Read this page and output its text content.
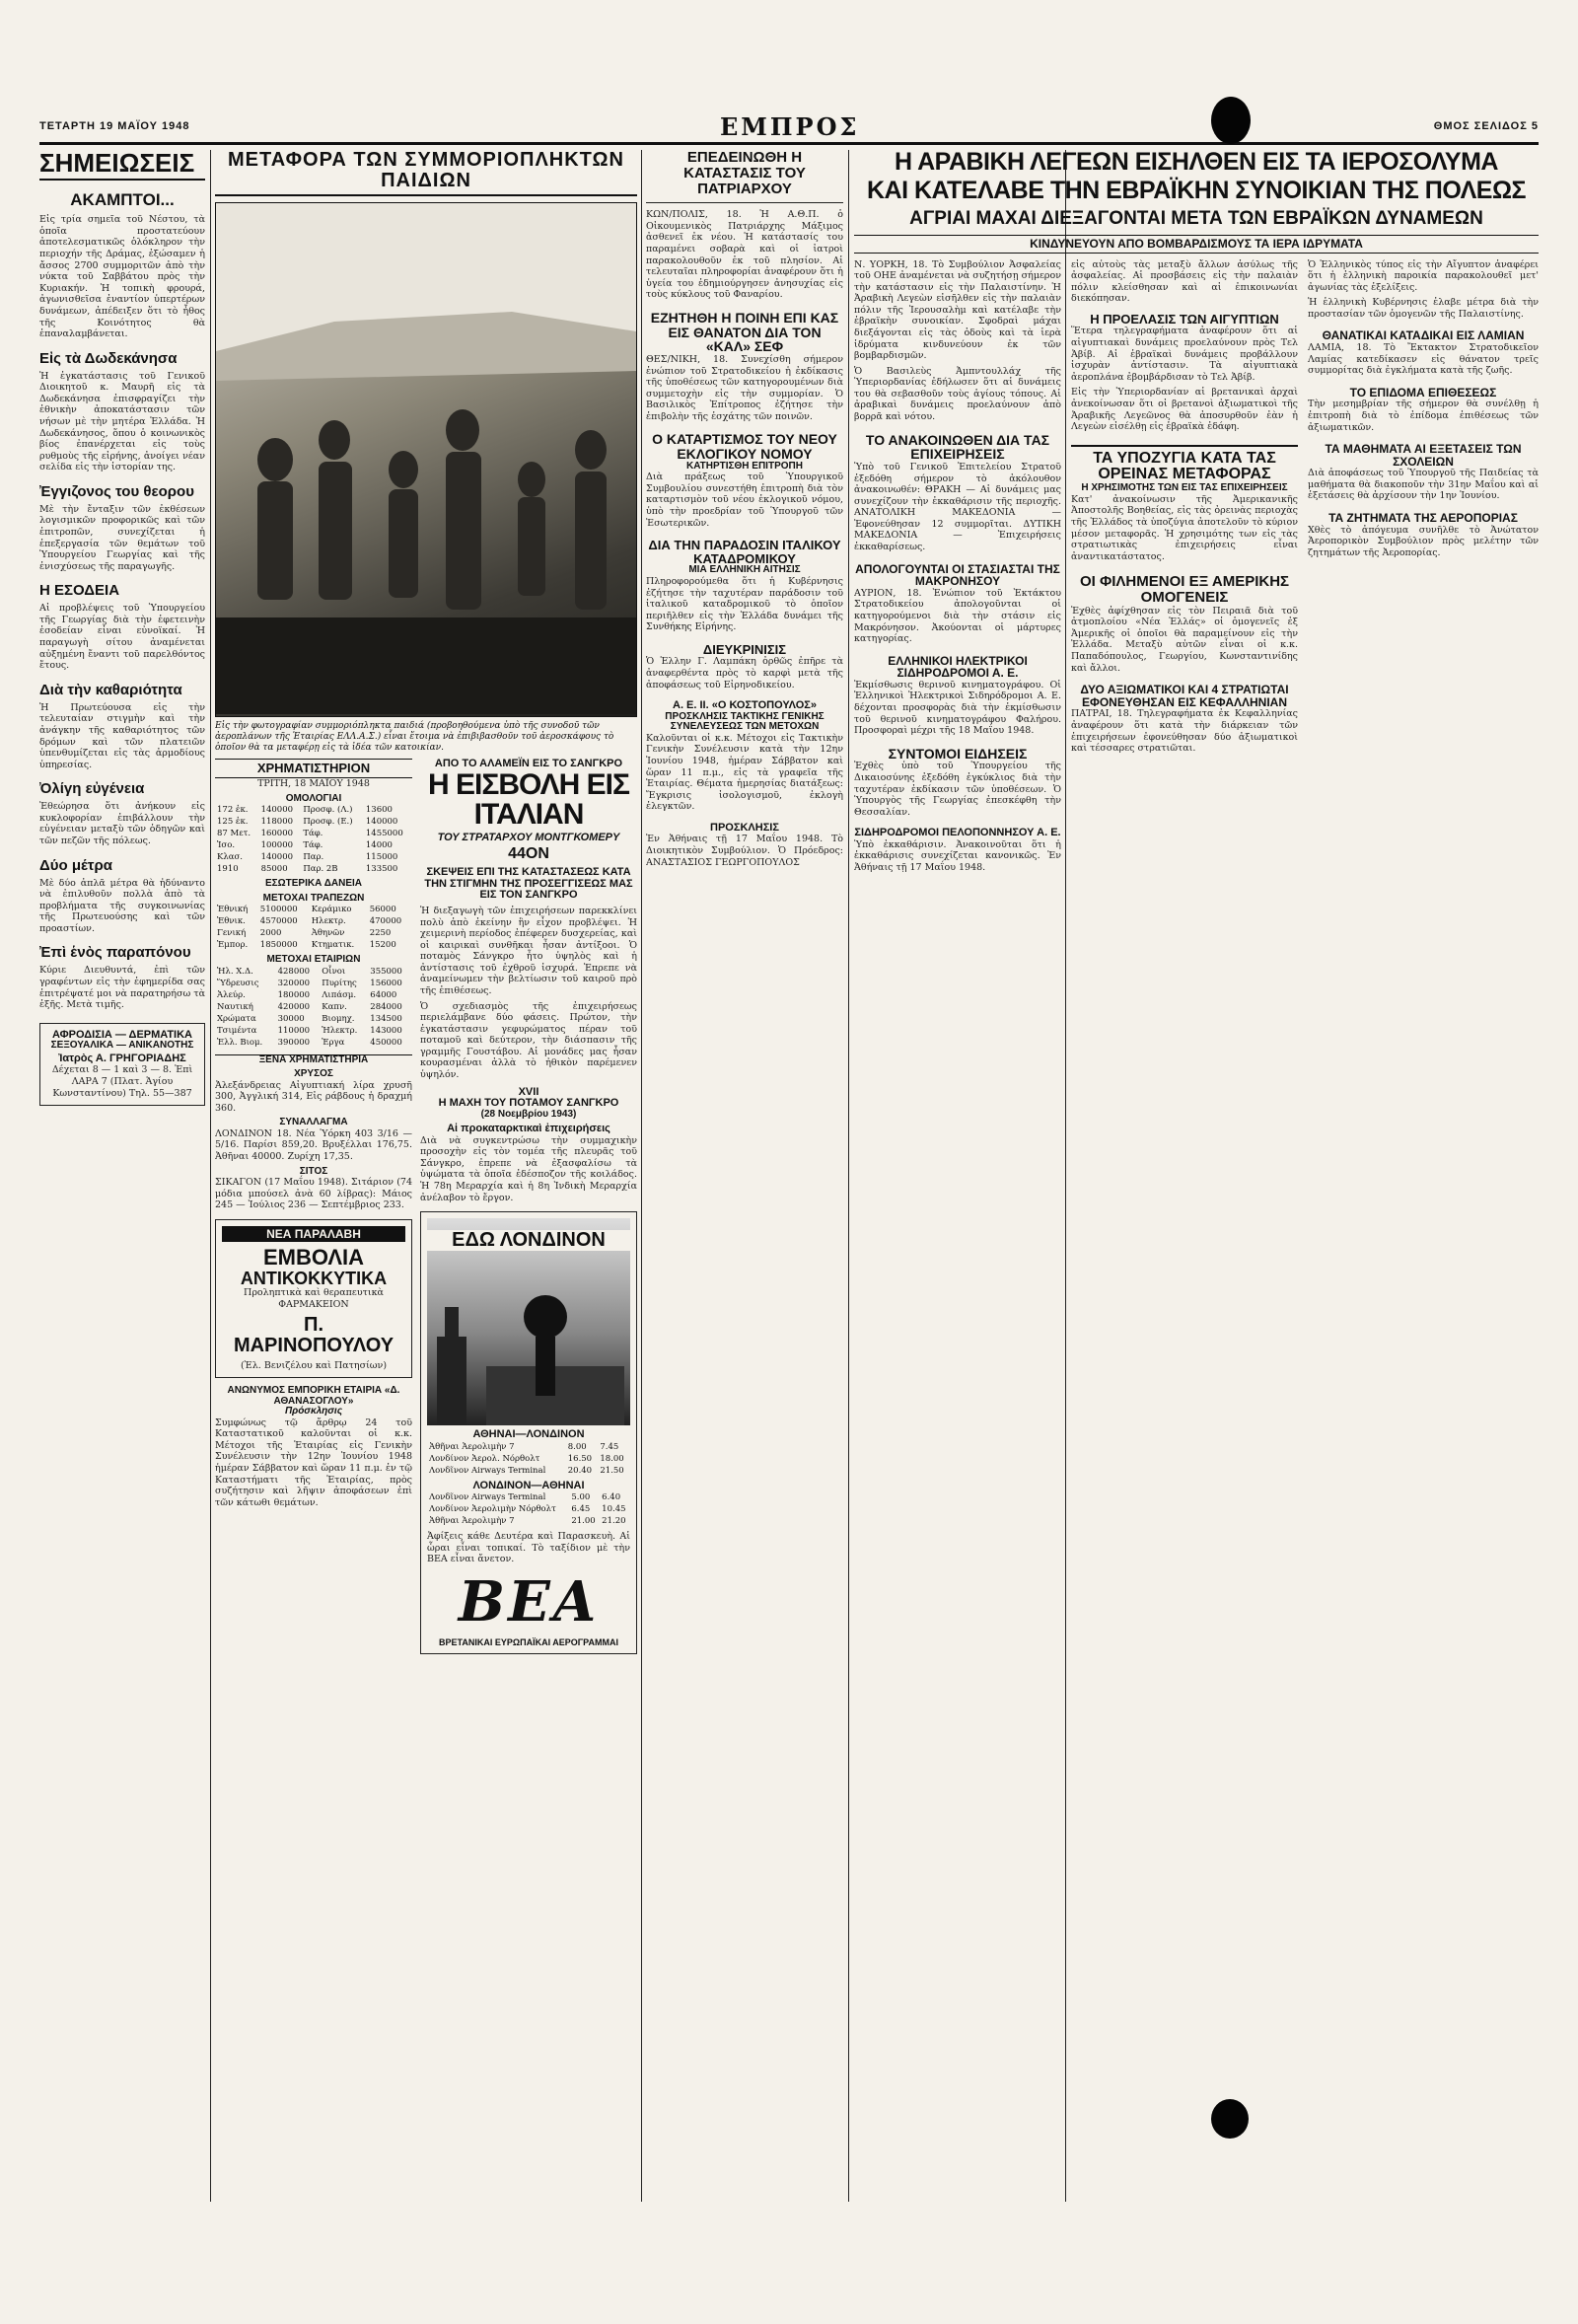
ΤΕΤΑΡΤΗ 19 ΜΑΪΟΥ 1948	ΕΜΠΡΟΣ	ΘΜΟΣ ΣΕΛΙΔΟΣ 5
ΣΗΜΕΙΩΣΕΙΣ
ΑΚΑΜΠΤΟΙ...
Εἰς τρία σημεῖα τοῦ Νέστου, τὰ ὁποῖα προστατεύουν ἀποτελεσματικῶς ὁλόκληρον τὴν περιοχήν τῆς Δράμας, ἐξώσαμεν ἡ ἄσσος 2700 συμμοριτῶν ἀπὸ τὴν νύκτα τοῦ Σαββάτου πρὸς τὴν Κυριακήν. Ἡ τοπικὴ φρουρά, ἀγωνισθεῖσα ἐναντίον ὑπερτέρων δυνάμεων, ἀπέδειξεν ὅτι τὸ ἦθος τῆς Κοινότητος θὰ ἐπαναλαμβάνεται.
Εἰς τὰ Δωδεκάνησα
Ἡ ἐγκατάστασις τοῦ Γενικοῦ Διοικητοῦ κ. Μαυρῆ εἰς τὰ Δωδεκάνησα ἐπισφραγίζει τὴν ἐθνικὴν ἀποκατάστασιν τῶν νήσων μὲ τὴν μητέρα Ἑλλάδα. Ἡ Δωδεκάνησος, ὅπου ὁ κοινωνικὸς βίος ἐπανέρχεται εἰς τοὺς ρυθμοὺς τῆς εἰρήνης, ἀνοίγει νέαν σελίδα εἰς τὴν ἱστορίαν της.
Ἐγγιζονος του θεορου
Μὲ τὴν ἔνταξιν τῶν ἐκθέσεων λογισμικῶν προφορικῶς καὶ τῶν ἐπιτροπῶν, συνεχίζεται ἡ ἐπεξεργασία τῶν θεμάτων τοῦ Ὑπουργείου Γεωργίας καὶ τῆς ἐνισχύσεως τῆς παραγωγῆς.
Η ΕΣΟΔΕΙΑ
Αἱ προβλέψεις τοῦ Ὑπουργείου τῆς Γεωργίας διὰ τὴν ἐφετεινὴν ἐσοδείαν εἶναι εὐνοϊκαί. Ἡ παραγωγὴ σίτου ἀναμένεται αὐξημένη ἔναντι τοῦ παρελθόντος ἔτους.
Διὰ τὴν καθαριότητα
Ἡ Πρωτεύουσα εἰς τὴν τελευταίαν στιγμὴν καὶ τὴν ἀνάγκην τῆς καθαριότητος τῶν δρόμων καὶ τῶν πλατειῶν ὑπενθυμίζεται εἰς τὰς ἀρμοδίους ὑπηρεσίας.
Ὀλίγη εὐγένεια
Ἐθεώρησα ὅτι ἀνήκουν εἰς κυκλοφορίαν ἐπιβάλλουν τὴν εὐγένειαν μεταξὺ τῶν ὁδηγῶν καὶ τῶν πεζῶν τῆς πόλεως.
Δύο μέτρα
Μὲ δύο ἀπλᾶ μέτρα θὰ ἠδύναντο νὰ ἐπιλυθοῦν πολλὰ ἀπὸ τὰ προβλήματα τῆς συγκοινωνίας τῆς Πρωτευούσης καὶ τῶν προαστίων.
Ἐπὶ ἑνὸς παραπόνου
Κύριε Διευθυντά, ἐπὶ τῶν γραφέντων εἰς τὴν ἐφημερίδα σας ἐπιτρέψατέ μοι νὰ παρατηρήσω τὰ ἑξῆς. Μετὰ τιμῆς.
ΑΦΡΟΔΙΣΙΑ — ΔΕΡΜΑΤΙΚΑ
ΣΕΞΟΥΑΛΙΚΑ — ΑΝΙΚΑΝΟΤΗΣ
Ἰατρὸς Α. ΓΡΗΓΟΡΙΑΔΗΣ
Δέχεται 8 — 1 καὶ 3 — 8. Ἐπὶ ΛΑΡΑ 7 (Πλατ. Ἁγίου Κωνσταντίνου) Τηλ. 55—387
ΜΕΤΑΦΟΡΑ ΤΩΝ ΣΥΜΜΟΡΙΟΠΛΗΚΤΩΝ ΠΑΙΔΙΩΝ
Εἰς τὴν φωτογραφίαν συμμοριόπληκτα παιδιά (προβοηθούμενα ὑπὸ τῆς συνοδοῦ τῶν ἀεροπλάνων τῆς Ἑταιρίας ΕΛΛ.Α.Σ.) εἶναι ἕτοιμα νὰ ἐπιβιβασθοῦν τοῦ ἀεροσκάφους τὸ ὁποῖον θὰ τα μεταφέρῃ εἰς τὰ ἰδέα τῶν κατοικίαν.
ΧΡΗΜΑΤΙΣΤΗΡΙΟΝ
ΤΡΙΤΗ, 18 ΜΑΪΟΥ 1948
ΟΜΟΛΟΓΙΑΙ
172 ἐκ.	140000	Προσφ. (Λ.)	13600
125 ἐκ.	118000	Προσφ. (Ε.)	140000
87 Μετ.	160000	Τάφ.	1455000
Ἰσο.	100000	Τάφ.	14000
Κλασ.	140000	Παρ.	115000
1910	85000	Παρ. 2Β	133500
ΕΣΩΤΕΡΙΚΑ ΔΑΝΕΙΑ
ΜΕΤΟΧΑΙ ΤΡΑΠΕΖΩΝ
Ἐθνική	5100000	Κεράμικο	56000
Ἐθνικ.	4570000	Ηλεκτρ.	470000
Γενική	2000	Ἀθηνῶν	2250
Ἐμπορ.	1850000	Κτηματικ.	15200
ΜΕΤΟΧΑΙ ΕΤΑΙΡΙΩΝ
Ἡλ. Χ.Δ.	428000	Οἶνοι	355000
Ὕδρευσις	320000	Πυρίτης	156000
Ἀλεύρ.	180000	Λιπάσμ.	64000
Ναυτική	420000	Καπν.	284000
Χρώματα	30000	Βιομηχ.	134500
Τσιμέντα	110000	Ἠλεκτρ.	143000
Ἑλλ. Βιομ.	390000	Ἐργα	450000
ΞΕΝΑ ΧΡΗΜΑΤΙΣΤΗΡΙΑ
ΧΡΥΣΟΣ
Ἀλεξάνδρειας Αἰγυπτιακή λίρα χρυσῆ 300, Ἀγγλική 314, Εἰς ράβδους ἡ δραχμή 360.
ΣΥΝΑΛΛΑΓΜΑ
ΛΟΝΔΙΝΟΝ 18. Νέα Ὑόρκη 403 3/16 — 5/16. Παρίσι 859,20. Βρυξέλλαι 176,75. Ἀθῆναι 40000. Ζυρίχη 17,35.
ΣΙΤΟΣ
ΣΙΚΑΓΟΝ (17 Μαΐου 1948). Σιτάριον (74 μόδια μπούσελ ἀνὰ 60 λίβρας): Μάιος 245 — Ἰούλιος 236 — Σεπτέμβριος 233.
ΝΕΑ ΠΑΡΑΛΑΒΗ
ΕΜΒΟΛΙΑ
ΑΝΤΙΚΟΚΚΥΤΙΚΑ
Προληπτικὰ καὶ θεραπευτικὰ ΦΑΡΜΑΚΕΙΟΝ
Π. ΜΑΡΙΝΟΠΟΥΛΟΥ
(Ἐλ. Βενιζέλου καὶ Πατησίων)
ΑΝΩΝΥΜΟΣ ΕΜΠΟΡΙΚΗ ΕΤΑΙΡΙΑ «Δ. ΑΘΑΝΑΣΟΓΛΟΥ»
Πρόσκλησις
Συμφώνως τῷ ἄρθρῳ 24 τοῦ Καταστατικοῦ καλοῦνται οἱ κ.κ. Μέτοχοι τῆς Ἑταιρίας εἰς Γενικὴν Συνέλευσιν τὴν 12ην Ἰουνίου 1948 ἡμέραν Σάββατον καὶ ὥραν 11 π.μ. ἐν τῷ Καταστήματι τῆς Ἑταιρίας, πρὸς συζήτησιν καὶ λῆψιν ἀποφάσεων ἐπὶ τῶν κάτωθι θεμάτων.
ΑΠΟ ΤΟ ΑΛΑΜΕΪΝ ΕΙΣ ΤΟ ΣΑΝΓΚΡΟ
Η ΕΙΣΒΟΛΗ ΕΙΣ ΙΤΑΛΙΑΝ
ΤΟΥ ΣΤΡΑΤΑΡΧΟΥ ΜΟΝΤΓΚΟΜΕΡΥ
44ΟΝ
ΣΚΕΨΕΙΣ ΕΠΙ ΤΗΣ ΚΑΤΑΣΤΑΣΕΩΣ ΚΑΤΑ ΤΗΝ ΣΤΙΓΜΗΝ ΤΗΣ ΠΡΟΣΕΓΓΙΣΕΩΣ ΜΑΣ ΕΙΣ ΤΟΝ ΣΑΝΓΚΡΟ
Ἡ διεξαγωγὴ τῶν ἐπιχειρήσεων παρεκκλίνει πολὺ ἀπὸ ἐκείνην ἣν εἶχον προβλέψει. Ἡ χειμερινὴ περίοδος ἐπέφερεν δυσχερείας, καὶ οἱ καιρικαὶ συνθῆκαι ἦσαν ἀντίξοοι. Ὁ ποταμὸς Σάνγκρο ἦτο ὑψηλὸς καὶ ἡ ἀντίστασις τοῦ ἐχθροῦ ἰσχυρά. Ἐπρεπε νὰ ἀναμείνωμεν τὴν βελτίωσιν τοῦ καιροῦ πρὸ τῆς ἐπιθέσεως.
Ὁ σχεδιασμὸς τῆς ἐπιχειρήσεως περιελάμβανε δύο φάσεις. Πρώτον, τὴν ἐγκατάστασιν γεφυρώματος πέραν τοῦ ποταμοῦ καὶ δεύτερον, τὴν διάσπασιν τῆς γραμμῆς Γουστάβου. Αἱ μονάδες μας ἦσαν κουρασμέναι ἀλλὰ τὸ ἠθικὸν παρέμενεν ὑψηλόν.
XVII
Η ΜΑΧΗ ΤΟΥ ΠΟΤΑΜΟΥ ΣΑΝΓΚΡΟ
(28 Νοεμβρίου 1943)
Αἱ προκαταρκτικαὶ ἐπιχειρήσεις
Διὰ νὰ συγκεντρώσω τὴν συμμαχικὴν προσοχὴν εἰς τὸν τομέα τῆς πλευρᾶς τοῦ Σάνγκρο, ἐπρεπε νὰ ἐξασφαλίσω τὰ ὑψώματα τὰ ὁποῖα ἐδέσποζον τῆς κοιλάδος. Ἡ 78η Μεραρχία καὶ ἡ 8η Ἰνδικὴ Μεραρχία ἀνέλαβον τὸ ἔργον.
ΕΔΩ ΛΟΝΔΙΝΟΝ
ΑΘΗΝΑΙ—ΛΟΝΔΙΝΟΝ
Ἀθῆναι Ἀερολιμὴν 7	8.00	7.45
Λονδίνον Ἀερολ. Νόρθολτ	16.50	18.00
Λονδῖνον Airways Terminal	20.40	21.50
ΛΟΝΔΙΝΟΝ—ΑΘΗΝΑΙ
Λονδῖνον Airways Terminal	5.00	6.40
Λονδίνον Ἀερολιμὴν Νόρθολτ	6.45	10.45
Ἀθῆναι Ἀερολιμὴν 7	21.00	21.20
Ἀφίξεις κάθε Δευτέρα καὶ Παρασκευὴ. Αἱ ὧραι εἶναι τοπικαί. Τὸ ταξίδιον μὲ τὴν BEA εἶναι ἄνετον.
BEA
ΒΡΕΤΑΝΙΚΑΙ ΕΥΡΩΠΑΪΚΑΙ ΑΕΡΟΓΡΑΜΜΑΙ
ΕΠΕΔΕΙΝΩΘΗ Η ΚΑΤΑΣΤΑΣΙΣ ΤΟΥ ΠΑΤΡΙΑΡΧΟΥ
ΚΩΝ/ΠΟΛΙΣ, 18. Ἡ Α.Θ.Π. ὁ Οἰκουμενικὸς Πατριάρχης Μάξιμος ἀσθενεῖ ἐκ νέου. Ἡ κατάστασίς του παραμένει σοβαρὰ καὶ οἱ ἰατροὶ παρακολουθοῦν ἐκ τοῦ πλησίον. Αἱ τελευταῖαι πληροφορίαι ἀναφέρουν ὅτι ἡ ὑγεία του ἐδημιούργησεν ἀνησυχίας εἰς τοὺς κύκλους τοῦ Φαναρίου.
ΕΖΗΤΗΘΗ Η ΠΟΙΝΗ ΕΠΙ ΚΑΣ ΕΙΣ ΘΑΝΑΤΟΝ ΔΙΑ ΤΟΝ «ΚΑΛ» ΣΕΦ
ΘΕΣ/ΝΙΚΗ, 18. Συνεχίσθη σήμερον ἐνώπιον τοῦ Στρατοδικείου ἡ ἐκδίκασις τῆς ὑποθέσεως τῶν κατηγορουμένων διὰ συμμετοχὴν εἰς τὴν συμμορίαν. Ὁ Βασιλικὸς Ἐπίτροπος ἐζήτησε τὴν ἐπιβολὴν τῆς ἐσχάτης τῶν ποινῶν.
Ο ΚΑΤΑΡΤΙΣΜΟΣ ΤΟΥ ΝΕΟΥ ΕΚΛΟΓΙΚΟΥ ΝΟΜΟΥ
ΚΑΤΗΡΤΙΣΘΗ ΕΠΙΤΡΟΠΗ
Διὰ πράξεως τοῦ Ὑπουργικοῦ Συμβουλίου συνεστήθη ἐπιτροπὴ διὰ τὸν καταρτισμὸν τοῦ νέου ἐκλογικοῦ νόμου, ὑπὸ τὴν προεδρίαν τοῦ Ὑπουργοῦ τῶν Ἐσωτερικῶν.
ΔΙΑ ΤΗΝ ΠΑΡΑΔΟΣΙΝ ΙΤΑΛΙΚΟΥ ΚΑΤΑΔΡΟΜΙΚΟΥ
ΜΙΑ ΕΛΛΗΝΙΚΗ ΑΙΤΗΣΙΣ
Πληροφορούμεθα ὅτι ἡ Κυβέρνησις ἐζήτησε τὴν ταχυτέραν παράδοσιν τοῦ ἰταλικοῦ καταδρομικοῦ τὸ ὁποῖον περιῆλθεν εἰς τὴν Ἑλλάδα δυνάμει τῆς Συνθήκης Εἰρήνης.
ΔΙΕΥΚΡΙΝΙΣΙΣ
Ὁ Ἑλλην Γ. Λαμπάκη ὀρθῶς ἐπῆρε τὰ ἀναφερθέντα πρὸς τὸ καρφὶ μετὰ τῆς ἀποφάσεως τοῦ Εἰρηνοδικείου.
Α. Ε. ΙΙ. «Ο ΚΟΣΤΟΠΟΥΛΟΣ»
ΠΡΟΣΚΛΗΣΙΣ ΤΑΚΤΙΚΗΣ ΓΕΝΙΚΗΣ ΣΥΝΕΛΕΥΣΕΩΣ ΤΩΝ ΜΕΤΟΧΩΝ
Καλοῦνται οἱ κ.κ. Μέτοχοι εἰς Τακτικὴν Γενικὴν Συνέλευσιν κατὰ τὴν 12ην Ἰουνίου 1948, ἡμέραν Σάββατον καὶ ὥραν 11 π.μ., εἰς τὰ γραφεῖα τῆς Ἑταιρίας. Θέματα ἡμερησίας διατάξεως: Ἔγκρισις ἰσολογισμοῦ, ἐκλογὴ ἐλεγκτῶν.
ΠΡΟΣΚΛΗΣΙΣ
Ἐν Ἀθήναις τῇ 17 Μαΐου 1948. Τὸ Διοικητικὸν Συμβούλιον. Ὁ Πρόεδρος: ΑΝΑΣΤΑΣΙΟΣ ΓΕΩΡΓΟΠΟΥΛΟΣ
Η ΑΡΑΒΙΚΗ ΛΕΓΕΩΝ ΕΙΣΗΛΘΕΝ ΕΙΣ ΤΑ ΙΕΡΟΣΟΛΥΜΑ
ΚΑΙ ΚΑΤΕΛΑΒΕ ΤΗΝ ΕΒΡΑΪΚΗΝ ΣΥΝΟΙΚΙΑΝ ΤΗΣ ΠΟΛΕΩΣ
ΑΓΡΙΑΙ ΜΑΧΑΙ ΔΙΕΞΑΓΟΝΤΑΙ ΜΕΤΑ ΤΩΝ ΕΒΡΑΪΚΩΝ ΔΥΝΑΜΕΩΝ
ΚΙΝΔΥΝΕΥΟΥΝ ΑΠΟ ΒΟΜΒΑΡΔΙΣΜΟΥΣ ΤΑ ΙΕΡΑ ΙΔΡΥΜΑΤΑ
Ν. ΥΟΡΚΗ, 18. Τὸ Συμβούλιον Ἀσφαλείας τοῦ ΟΗΕ ἀναμένεται νὰ συζητήσῃ σήμερον τὴν κατάστασιν εἰς τὴν Παλαιστίνην. Ἡ Ἀραβικὴ Λεγεὼν εἰσῆλθεν εἰς τὴν παλαιὰν πόλιν τῆς Ἰερουσαλὴμ καὶ κατέλαβε τὴν ἑβραϊκὴν συνοικίαν. Σφοδραὶ μάχαι διεξάγονται εἰς τὰς ὁδοὺς καὶ τὰ ἱερὰ ἱδρύματα κινδυνεύουν ἐκ τῶν βομβαρδισμῶν.
Ὁ Βασιλεὺς Ἀμπντουλλάχ τῆς Ὑπεριορδανίας ἐδήλωσεν ὅτι αἱ δυνάμεις του θὰ σεβασθοῦν τοὺς ἁγίους τόπους. Αἱ ἀραβικαὶ δυνάμεις προελαύνουν ἀπὸ βορρᾶ καὶ νότου.
ΤΟ ΑΝΑΚΟΙΝΩΘΕΝ ΔΙΑ ΤΑΣ ΕΠΙΧΕΙΡΗΣΕΙΣ
Ὑπὸ τοῦ Γενικοῦ Ἐπιτελείου Στρατοῦ ἐξεδόθη σήμερον τὸ ἀκόλουθον ἀνακοινωθέν: ΘΡΑΚΗ — Αἱ δυνάμεις μας συνεχίζουν τὴν ἐκκαθάρισιν τῆς περιοχῆς. ΑΝΑΤΟΛΙΚΗ ΜΑΚΕΔΟΝΙΑ — Ἐφονεύθησαν 12 συμμορῖται. ΔΥΤΙΚΗ ΜΑΚΕΔΟΝΙΑ — Ἐπιχειρήσεις ἐκκαθαρίσεως.
ΑΠΟΛΟΓΟΥΝΤΑΙ ΟΙ ΣΤΑΣΙΑΣΤΑΙ ΤΗΣ ΜΑΚΡΟΝΗΣΟΥ
ΑΥΡΙΟΝ, 18. Ἐνώπιον τοῦ Ἐκτάκτου Στρατοδικείου ἀπολογοῦνται οἱ κατηγορούμενοι διὰ τὴν στάσιν εἰς Μακρόνησον. Ἀκούονται οἱ μάρτυρες κατηγορίας.
ΕΛΛΗΝΙΚΟΙ ΗΛΕΚΤΡΙΚΟΙ ΣΙΔΗΡΟΔΡΟΜΟΙ Α. Ε.
Ἐκμίσθωσις θερινοῦ κινηματογράφου. Οἱ Ἑλληνικοὶ Ἠλεκτρικοὶ Σιδηρόδρομοι Α. Ε. δέχονται προσφορὰς διὰ τὴν ἐκμίσθωσιν τοῦ θερινοῦ κινηματογράφου Φαλήρου. Προσφοραὶ μέχρι τῆς 18 Μαΐου 1948.
ΣΥΝΤΟΜΟΙ ΕΙΔΗΣΕΙΣ
Ἐχθὲς ὑπὸ τοῦ Ὑπουργείου τῆς Δικαιοσύνης ἐξεδόθη ἐγκύκλιος διὰ τὴν ταχυτέραν ἐκδίκασιν τῶν ὑποθέσεων. Ὁ Ὑπουργὸς τῆς Γεωργίας ἐπεσκέφθη τὴν Θεσσαλίαν.
ΣΙΔΗΡΟΔΡΟΜΟΙ ΠΕΛΟΠΟΝΝΗΣΟΥ Α. Ε.
Ὑπὸ ἐκκαθάρισιν. Ἀνακοινοῦται ὅτι ἡ ἐκκαθάρισις συνεχίζεται κανονικῶς. Ἐν Ἀθήναις τῇ 17 Μαΐου 1948.
εἰς αὐτοὺς τὰς μεταξὺ ἄλλων ἀσύλως τῆς ἀσφαλείας. Αἱ προσβάσεις εἰς τὴν παλαιὰν πόλιν κλείσθησαν καὶ αἱ ἐπικοινωνίαι διεκόπησαν.
Η ΠΡΟΕΛΑΣΙΣ ΤΩΝ ΑΙΓΥΠΤΙΩΝ
Ἕτερα τηλεγραφήματα ἀναφέρουν ὅτι αἱ αἰγυπτιακαὶ δυνάμεις προελαύνουν πρὸς Τελ Ἀβίβ. Αἱ ἑβραϊκαὶ δυνάμεις προβάλλουν ἰσχυρὰν ἀντίστασιν. Τὰ αἰγυπτιακὰ ἀεροπλάνα ἐβομβάρδισαν τὸ Τελ Ἀβίβ.
Εἰς τὴν Ὑπεριορδανίαν αἱ βρετανικαὶ ἀρχαὶ ἀνεκοίνωσαν ὅτι οἱ βρετανοὶ ἀξιωματικοὶ τῆς Ἀραβικῆς Λεγεῶνος θὰ ἀποσυρθοῦν ἐὰν ἡ Λεγεὼν εἰσέλθῃ εἰς ἑβραϊκὰ ἐδάφη.
ΤΑ ΥΠΟΖΥΓΙΑ ΚΑΤΑ ΤΑΣ ΟΡΕΙΝΑΣ ΜΕΤΑΦΟΡΑΣ
Η ΧΡΗΣΙΜΟΤΗΣ ΤΩΝ ΕΙΣ ΤΑΣ ΕΠΙΧΕΙΡΗΣΕΙΣ
Κατ' ἀνακοίνωσιν τῆς Ἀμερικανικῆς Ἀποστολῆς Βοηθείας, εἰς τὰς ὀρεινὰς περιοχὰς τῆς Ἑλλάδος τὰ ὑποζύγια ἀποτελοῦν τὸ κύριον μέσον μεταφορᾶς. Ἡ χρησιμότης των εἰς τὰς στρατιωτικὰς ἐπιχειρήσεις εἶναι ἀναντικατάστατος.
ΟΙ ΦΙΛΗΜΕΝΟΙ ΕΞ ΑΜΕΡΙΚΗΣ ΟΜΟΓΕΝΕΙΣ
Ἐχθὲς ἀφίχθησαν εἰς τὸν Πειραιᾶ διὰ τοῦ ἀτμοπλοίου «Νέα Ἑλλάς» οἱ ὁμογενεῖς ἐξ Ἀμερικῆς οἱ ὁποῖοι θὰ παραμείνουν εἰς τὴν Ἑλλάδα. Μεταξὺ αὐτῶν εἶναι οἱ κ.κ. Παπαδόπουλος, Γεωργίου, Κωνσταντινίδης καὶ ἄλλοι.
ΔΥΟ ΑΞΙΩΜΑΤΙΚΟΙ ΚΑΙ 4 ΣΤΡΑΤΙΩΤΑΙ ΕΦΟΝΕΥΘΗΣΑΝ ΕΙΣ ΚΕΦΑΛΛΗΝΙΑΝ
ΠΑΤΡΑΙ, 18. Τηλεγραφήματα ἐκ Κεφαλληνίας ἀναφέρουν ὅτι κατὰ τὴν διάρκειαν τῶν ἐπιχειρήσεων ἐφονεύθησαν δύο ἀξιωματικοὶ καὶ τέσσαρες στρατιῶται.
Ὁ Ἑλληνικὸς τύπος εἰς τὴν Αἴγυπτον ἀναφέρει ὅτι ἡ ἑλληνικὴ παροικία παρακολουθεῖ μετ' ἀγωνίας τὰς ἐξελίξεις.
Ἡ ἑλληνικὴ Κυβέρνησις ἐλαβε μέτρα διὰ τὴν προστασίαν τῶν ὁμογενῶν τῆς Παλαιστίνης.
ΘΑΝΑΤΙΚΑΙ ΚΑΤΑΔΙΚΑΙ ΕΙΣ ΛΑΜΙΑΝ
ΛΑΜΙΑ, 18. Τὸ Ἔκτακτον Στρατοδικεῖον Λαμίας κατεδίκασεν εἰς θάνατον τρεῖς συμμορίτας διὰ ἐγκλήματα κατὰ τῆς ζωῆς.
ΤΟ ΕΠΙΔΟΜΑ ΕΠΙΘΕΣΕΩΣ
Τὴν μεσημβρίαν τῆς σήμερον θὰ συνέλθῃ ἡ ἐπιτροπὴ διὰ τὸ ἐπίδομα ἐπιθέσεως τῶν ἀξιωματικῶν.
ΤΑ ΜΑΘΗΜΑΤΑ ΑΙ ΕΞΕΤΑΣΕΙΣ ΤΩΝ ΣΧΟΛΕΙΩΝ
Διὰ ἀποφάσεως τοῦ Ὑπουργοῦ τῆς Παιδείας τὰ μαθήματα θὰ διακοποῦν τὴν 31ην Μαΐου καὶ αἱ ἐξετάσεις θὰ ἀρχίσουν τὴν 1ην Ἰουνίου.
ΤΑ ΖΗΤΗΜΑΤΑ ΤΗΣ ΑΕΡΟΠΟΡΙΑΣ
Χθὲς τὸ ἀπόγευμα συνῆλθε τὸ Ἀνώτατον Ἀεροπορικὸν Συμβούλιον πρὸς μελέτην τῶν ζητημάτων τῆς Ἀεροπορίας.
